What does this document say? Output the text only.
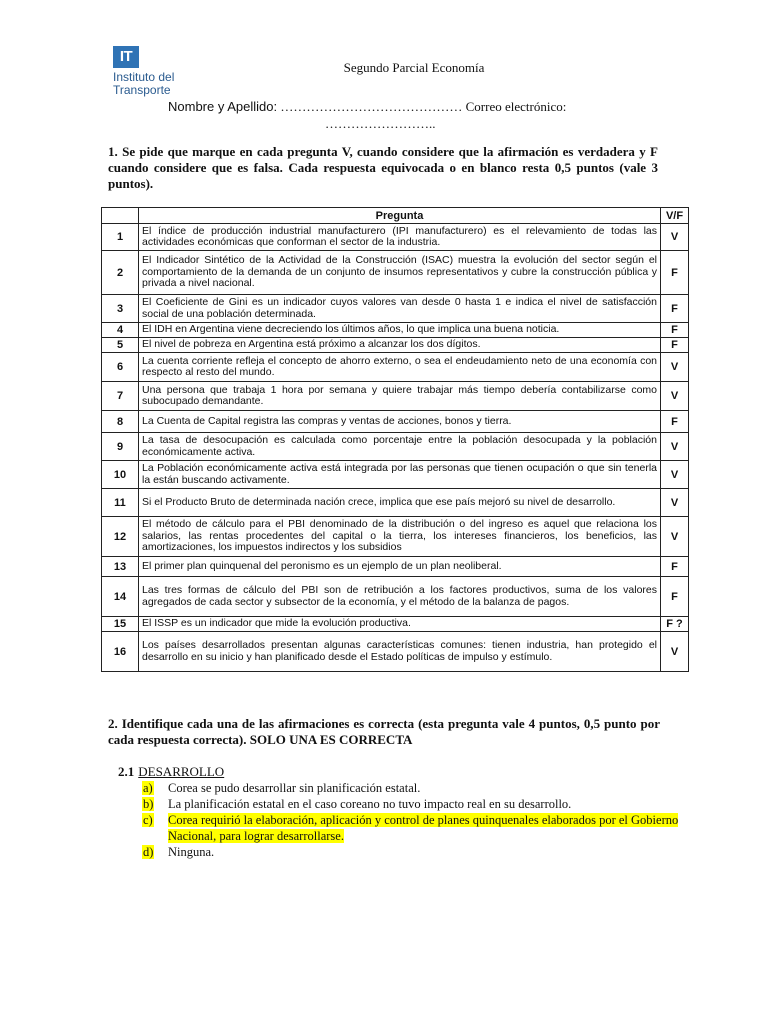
IT
Instituto del
Transporte
Segundo Parcial Economía
Nombre y Apellido: …………………………………… Correo electrónico:
……………………..
1. Se pide que marque en cada pregunta V, cuando considere que la afirmación es verdadera y F cuando considere que es falsa. Cada respuesta equivocada o en blanco resta 0,5 puntos (vale 3 puntos).
	Pregunta	V/F
1	El índice de producción industrial manufacturero (IPI manufacturero) es el relevamiento de todas las actividades económicas que conforman el sector de la industria.	V
2	El Indicador Sintético de la Actividad de la Construcción (ISAC) muestra la evolución del sector según el comportamiento de la demanda de un conjunto de insumos representativos y cubre la construcción pública y privada a nivel nacional.	F
3	El Coeficiente de Gini es un indicador cuyos valores van desde 0 hasta 1 e indica el nivel de satisfacción social de una población determinada.	F
4	El IDH en Argentina viene decreciendo los últimos años, lo que implica una buena noticia.	F
5	El nivel de pobreza en Argentina está próximo a alcanzar los dos dígitos.	F
6	La cuenta corriente refleja el concepto de ahorro externo, o sea el endeudamiento neto de una economía con respecto al resto del mundo.	V
7	Una persona que trabaja 1 hora por semana y quiere trabajar más tiempo debería contabilizarse como subocupado demandante.	V
8	La Cuenta de Capital registra las compras y ventas de acciones, bonos y tierra.	F
9	La tasa de desocupación es calculada como porcentaje entre la población desocupada y la población económicamente activa.	V
10	La Población económicamente activa está integrada por las personas que tienen ocupación o que sin tenerla la están buscando activamente.	V
11	Si el Producto Bruto de determinada nación crece, implica que ese país mejoró su nivel de desarrollo.	V
12	El método de cálculo para el PBI denominado de la distribución o del ingreso es aquel que relaciona los salarios, las rentas procedentes del capital o la tierra, los intereses financieros, los beneficios, las amortizaciones, los impuestos indirectos y los subsidios	V
13	El primer plan quinquenal del peronismo es un ejemplo de un plan neoliberal.	F
14	Las tres formas de cálculo del PBI son de retribución a los factores productivos, suma de los valores agregados de cada sector y subsector de la economía, y el método de la balanza de pagos.	F
15	El ISSP es un indicador que mide la evolución productiva.	F ?
16	Los países desarrollados presentan algunas características comunes: tienen industria, han protegido el desarrollo en su inicio y han planificado desde el Estado políticas de impulso y estímulo.	V
2. Identifique cada una de las afirmaciones es correcta (esta pregunta vale 4 puntos, 0,5 punto por cada respuesta correcta). SOLO UNA ES CORRECTA
2.1 DESARROLLO
a)	Corea se pudo desarrollar sin planificación estatal.
b)	La planificación estatal en el caso coreano no tuvo impacto real en su desarrollo.
c)	Corea requirió la elaboración, aplicación y control de planes quinquenales elaborados por el Gobierno Nacional, para lograr desarrollarse.
d)	Ninguna.
